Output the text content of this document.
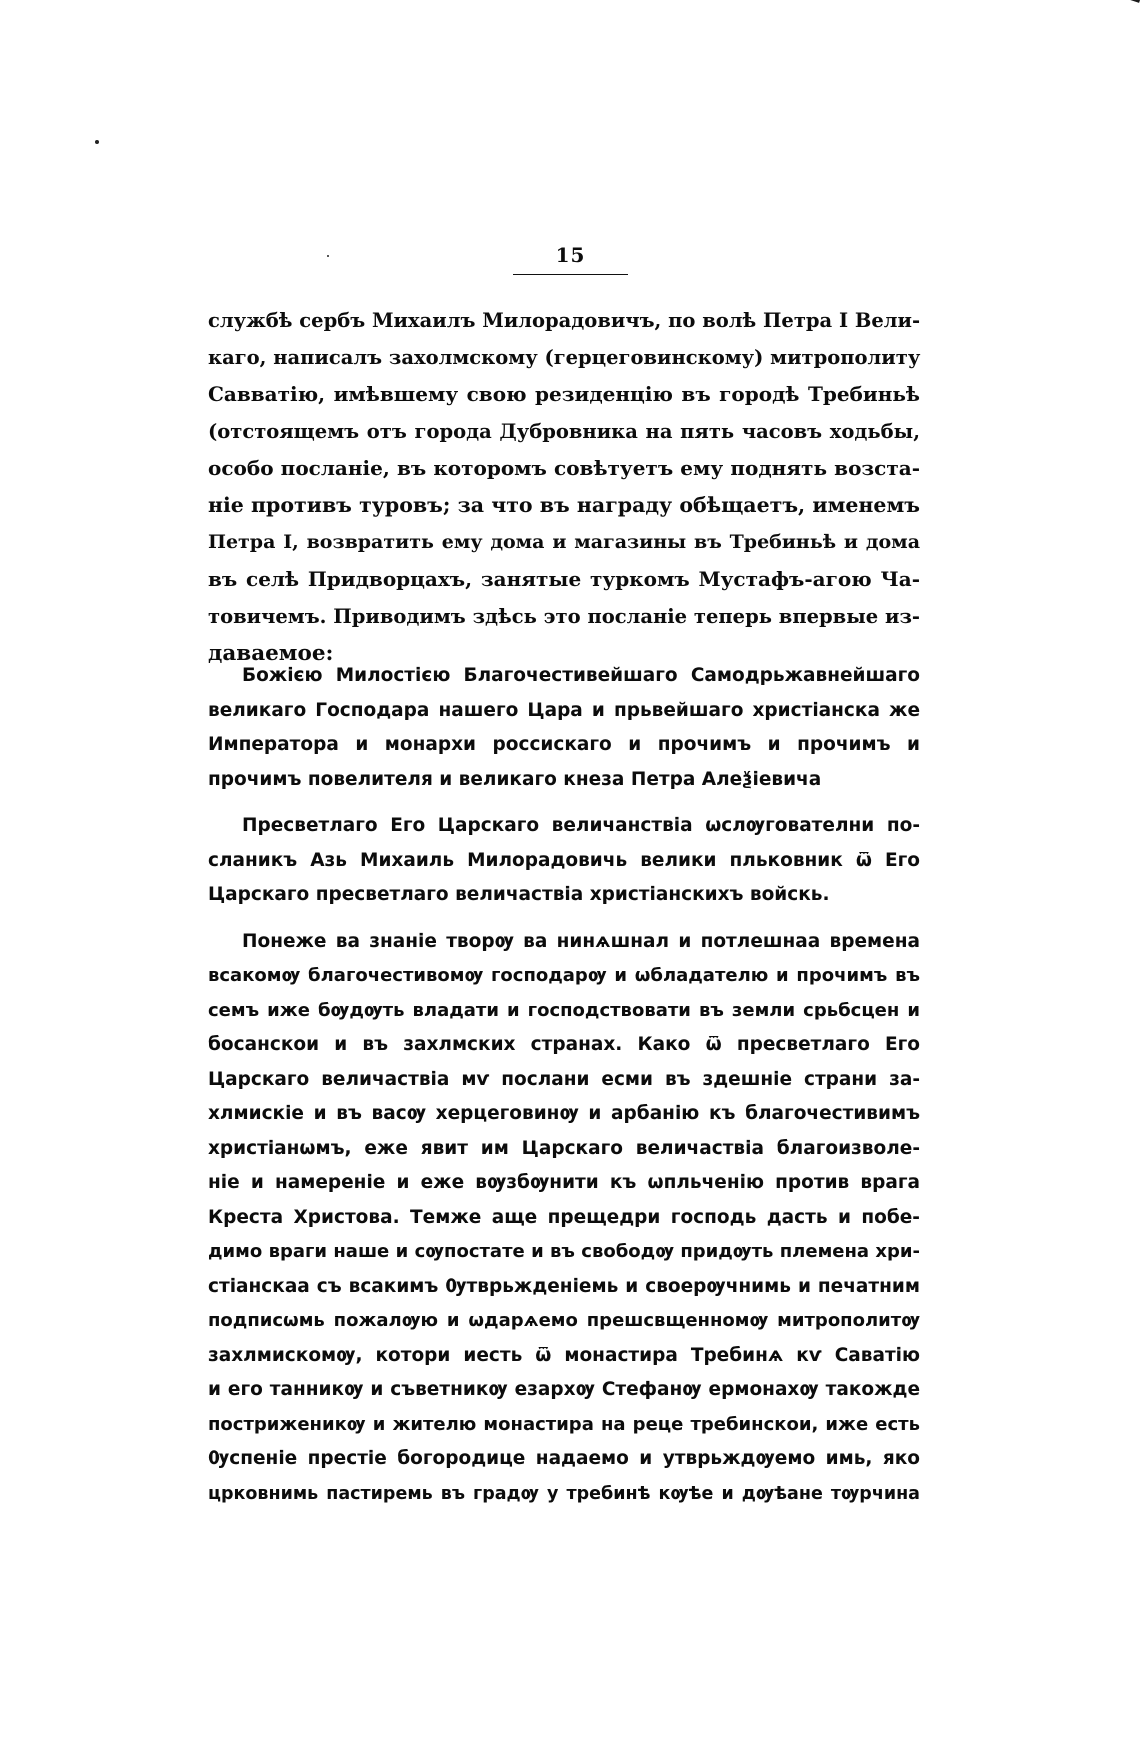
15
службѣ сербъ Михаилъ Милорадовичъ, по волѣ Петра I Вели-
каго, написалъ захолмскому (герцеговинскому) митрополиту
Савватію, имѣвшему свою резиденцію въ городѣ Требиньѣ
(отстоящемъ отъ города Дубровника на пять часовъ ходьбы,
особо посланіе, въ которомъ совѣтуетъ ему поднять возста-
ніе противъ туровъ; за что въ награду обѣщаетъ, именемъ
Петра I, возвратить ему дома и магазины въ Требиньѣ и дома
въ селѣ Придворцахъ, занятые туркомъ Мустафъ-агою Ча-
товичемъ. Приводимъ здѣсь это посланіе теперь впервые из-
даваемое:
Божією Милостією Благочестивейшаго Самодрьжавнейшаго
великаго Господара нашего Цара и прьвейшаго христіанска же
Императора и монархи россискаго и прочимъ и прочимъ и
прочимъ повелителя и великаго кнеза Петра Алеѯіевича
Пресветлаго Его Царскаго величанствіа ѡслѹгователни по-
сланикъ Азь Михаиль Милорадовичь велики пльковник ѿ Его
Царскаго пресветлаго величаствіа христіанскихъ войскь.
Понеже ва знаніе творѹ ва нинѧшнал и потлешнаа времена
всакомѹ благочестивомѹ господарѹ и ѡбладателю и прочимъ въ
семъ иже бѹдѹть владати и господствовати въ земли срьбсцен и
босанскои и въ захлмских странах. Како ѿ пресветлаго Его
Царскаго величаствіа мѵ послани есми въ здешніе страни за-
хлмискіе и въ васѹ херцеговинѹ и арбанію къ благочестивимъ
христіанѡмъ, еже явит им Царскаго величаствіа благоизволе-
ніе и намереніе и еже вѹзбѹнити къ ѡпльченію против врага
Креста Христова. Темже аще прещедри господь дасть и побе-
димо враги наше и сѹпостате и въ свободѹ придѹть племена хри-
стіанскаа съ всакимъ Ѹтврьжденіемь и своерѹчнимь и печатним
подписѡмь пожалѹю и ѡдарѧемо прешсвщенномѹ митрополитѹ
захлмискомѹ, котори иесть ѿ монастира Требинѧ кѵ Саватію
и его танникѹ и съветникѹ езархѹ Стефанѹ ермонахѹ такожде
постриженикѹ и жителю монастира на реце требинскои, иже есть
Ѹспеніе престіе богородице надаемо и утврьждѹемо имь, яко
црковнимь пастиремь въ градѹ у требинѣ кѹѣе и дѹѣане тѹрчина
